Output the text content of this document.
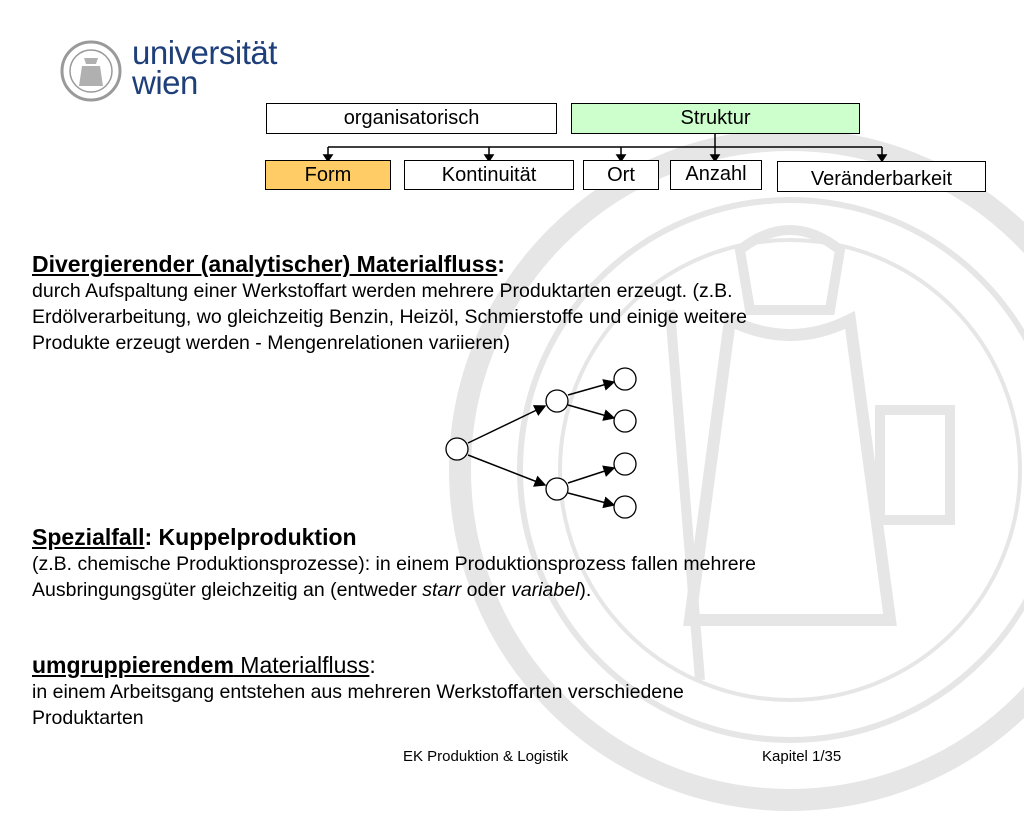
universität
wien
organisatorisch	Struktur
Form	Kontinuität	Ort	Anzahl	Veränderbarkeit
Divergierender (analytischer) Materialfluss:
durch Aufspaltung einer Werkstoffart werden mehrere Produktarten erzeugt. (z.B.
Erdölverarbeitung, wo gleichzeitig Benzin, Heizöl, Schmierstoffe und einige weitere
Produkte erzeugt werden - Mengenrelationen variieren)
Spezialfall: Kuppelproduktion
(z.B. chemische Produktionsprozesse): in einem Produktionsprozess fallen mehrere
Ausbringungsgüter gleichzeitig an (entweder starr oder variabel).
umgruppierendem Materialfluss:
in einem Arbeitsgang entstehen aus mehreren Werkstoffarten verschiedene
Produktarten
EK Produktion & Logistik	Kapitel 1/35
